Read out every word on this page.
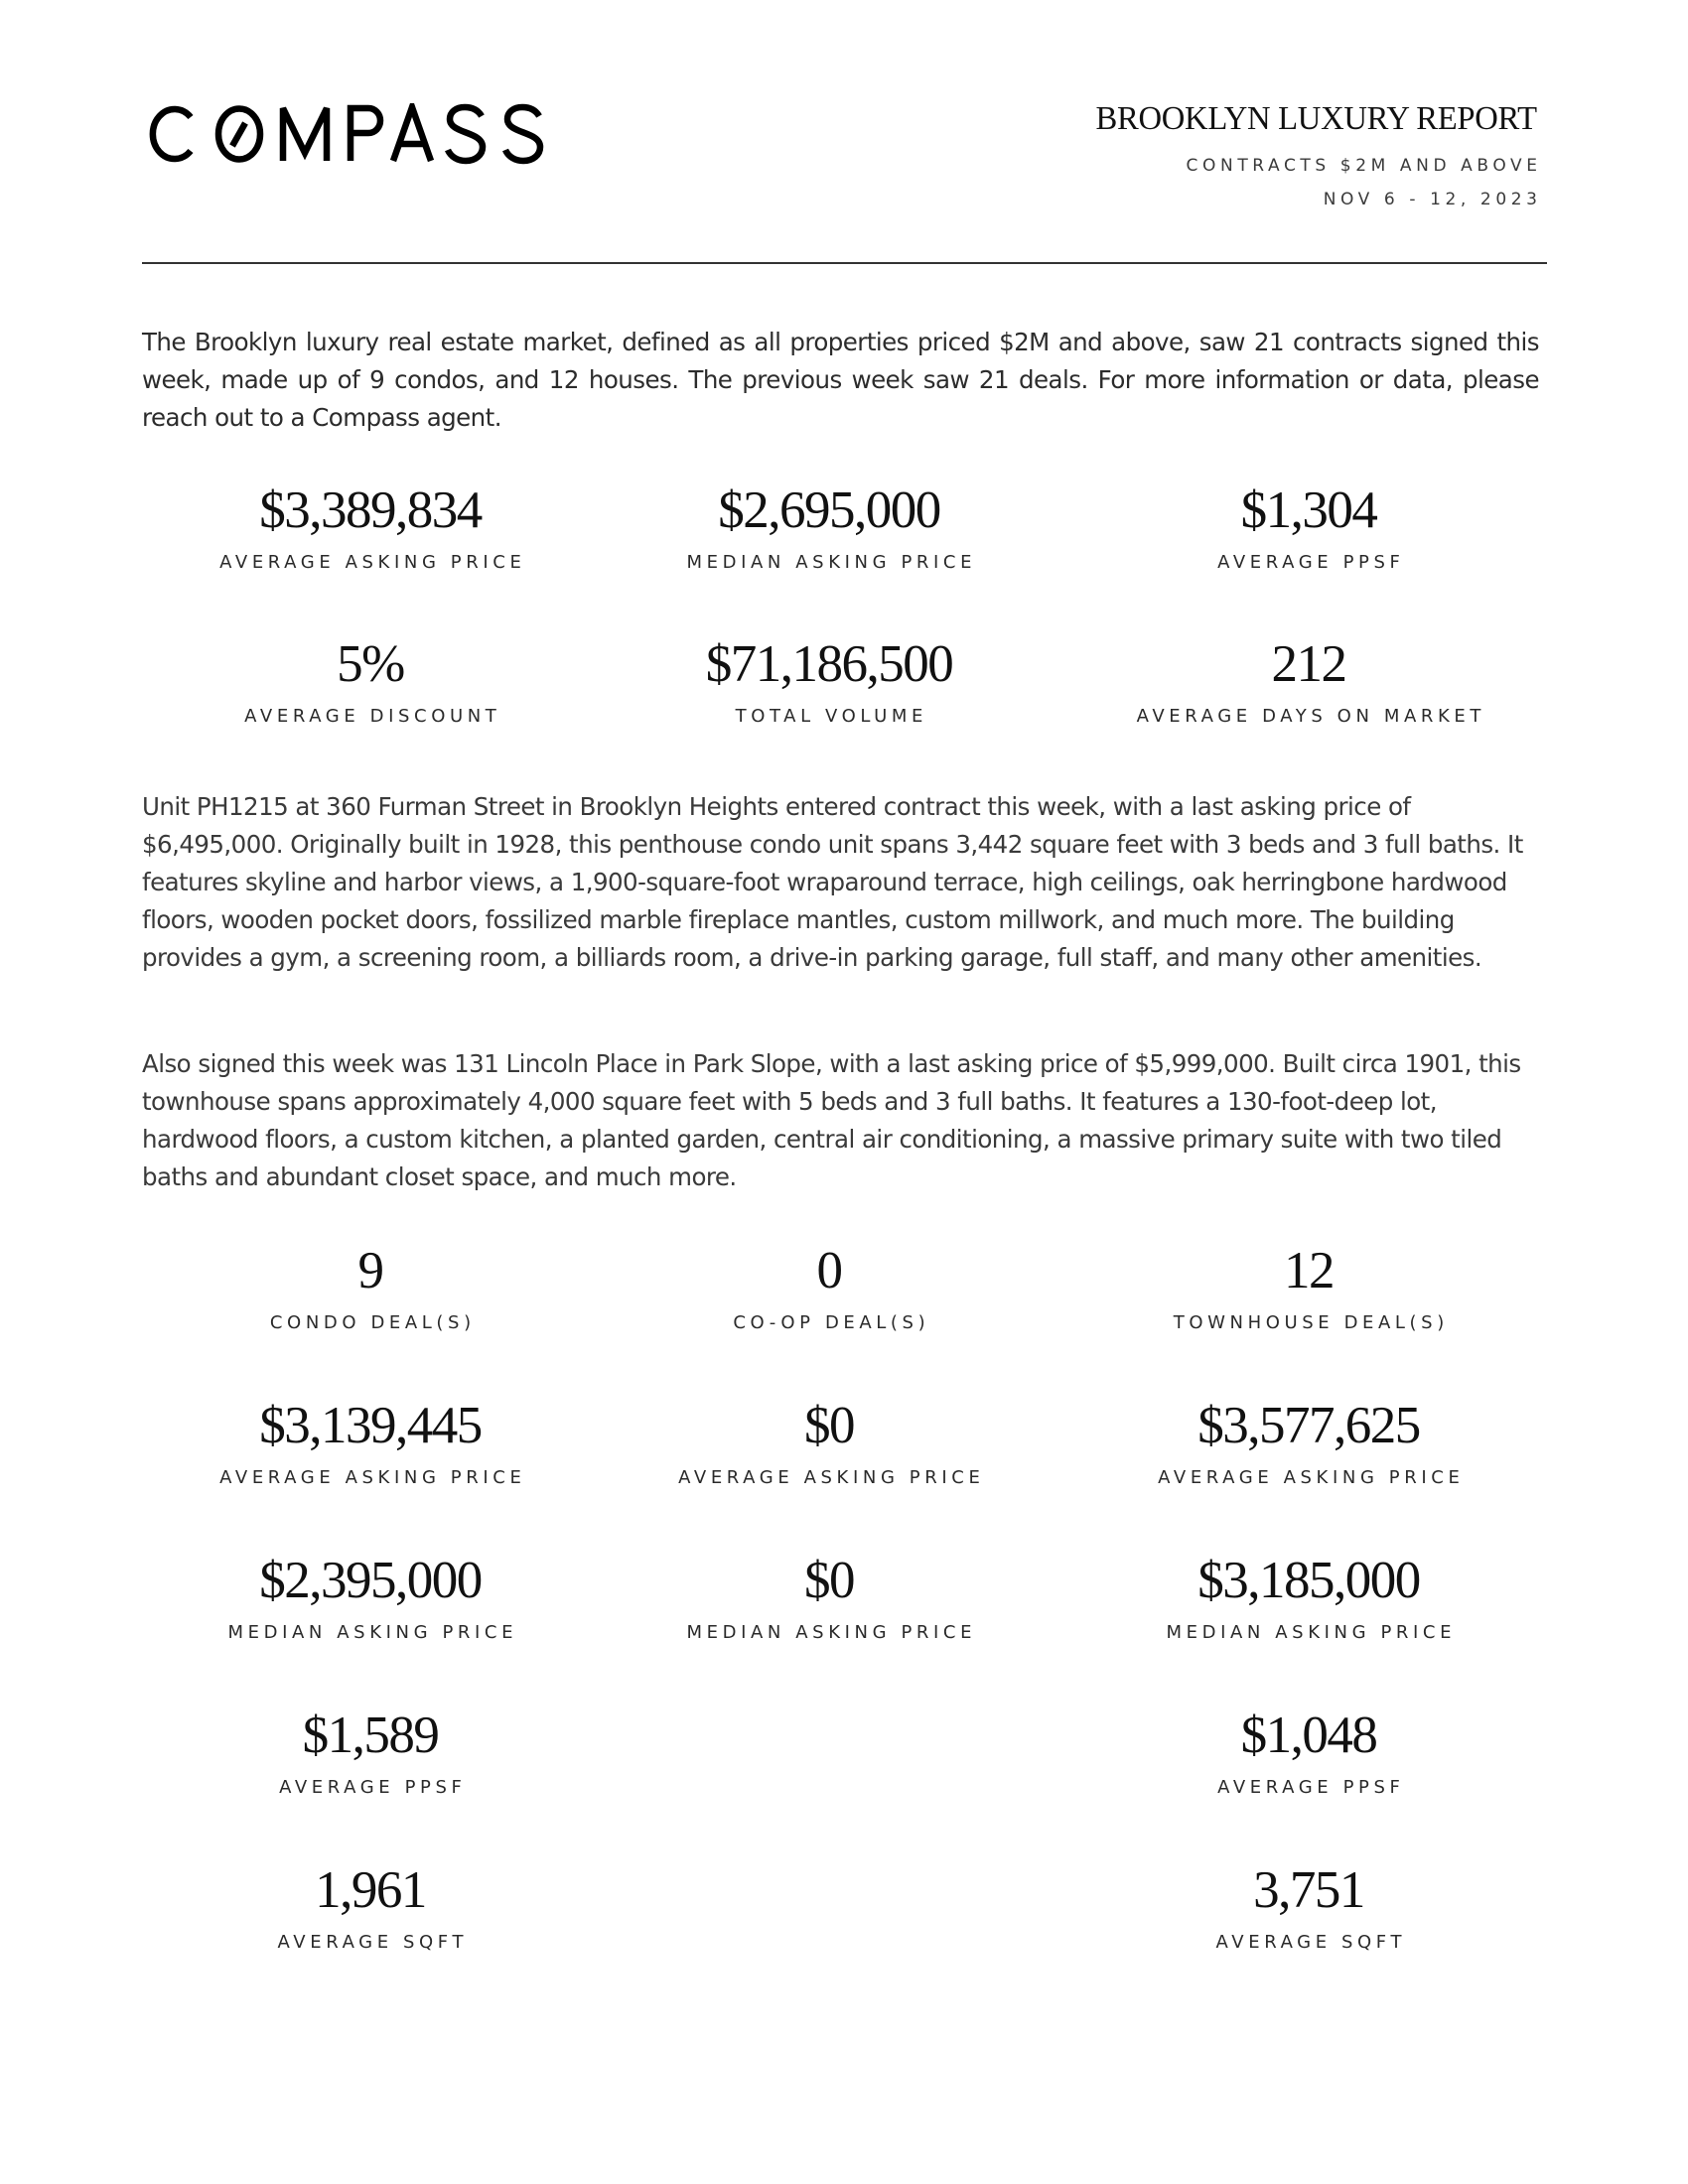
BROOKLYN LUXURY REPORT
CONTRACTS $2M AND ABOVE
NOV 6 - 12, 2023

The Brooklyn luxury real estate market, defined as all properties priced $2M and above, saw 21 contracts signed this week, made up of 9 condos, and 12 houses. The previous week saw 21 deals. For more information or data, please reach out to a Compass agent.

$3,389,834
AVERAGE ASKING PRICE
$2,695,000
MEDIAN ASKING PRICE
$1,304
AVERAGE PPSF
5%
AVERAGE DISCOUNT
$71,186,500
TOTAL VOLUME
212
AVERAGE DAYS ON MARKET

Unit PH1215 at 360 Furman Street in Brooklyn Heights entered contract this week, with a last asking price of $6,495,000. Originally built in 1928, this penthouse condo unit spans 3,442 square feet with 3 beds and 3 full baths. It features skyline and harbor views, a 1,900-square-foot wraparound terrace, high ceilings, oak herringbone hardwood floors, wooden pocket doors, fossilized marble fireplace mantles, custom millwork, and much more. The building provides a gym, a screening room, a billiards room, a drive-in parking garage, full staff, and many other amenities.

Also signed this week was 131 Lincoln Place in Park Slope, with a last asking price of $5,999,000. Built circa 1901, this townhouse spans approximately 4,000 square feet with 5 beds and 3 full baths. It features a 130-foot-deep lot, hardwood floors, a custom kitchen, a planted garden, central air conditioning, a massive primary suite with two tiled baths and abundant closet space, and much more.

9
CONDO DEAL(S)
$3,139,445
AVERAGE ASKING PRICE
$2,395,000
MEDIAN ASKING PRICE
$1,589
AVERAGE PPSF
1,961
AVERAGE SQFT
0
CO-OP DEAL(S)
$0
AVERAGE ASKING PRICE
$0
MEDIAN ASKING PRICE
12
TOWNHOUSE DEAL(S)
$3,577,625
AVERAGE ASKING PRICE
$3,185,000
MEDIAN ASKING PRICE
$1,048
AVERAGE PPSF
3,751
AVERAGE SQFT
